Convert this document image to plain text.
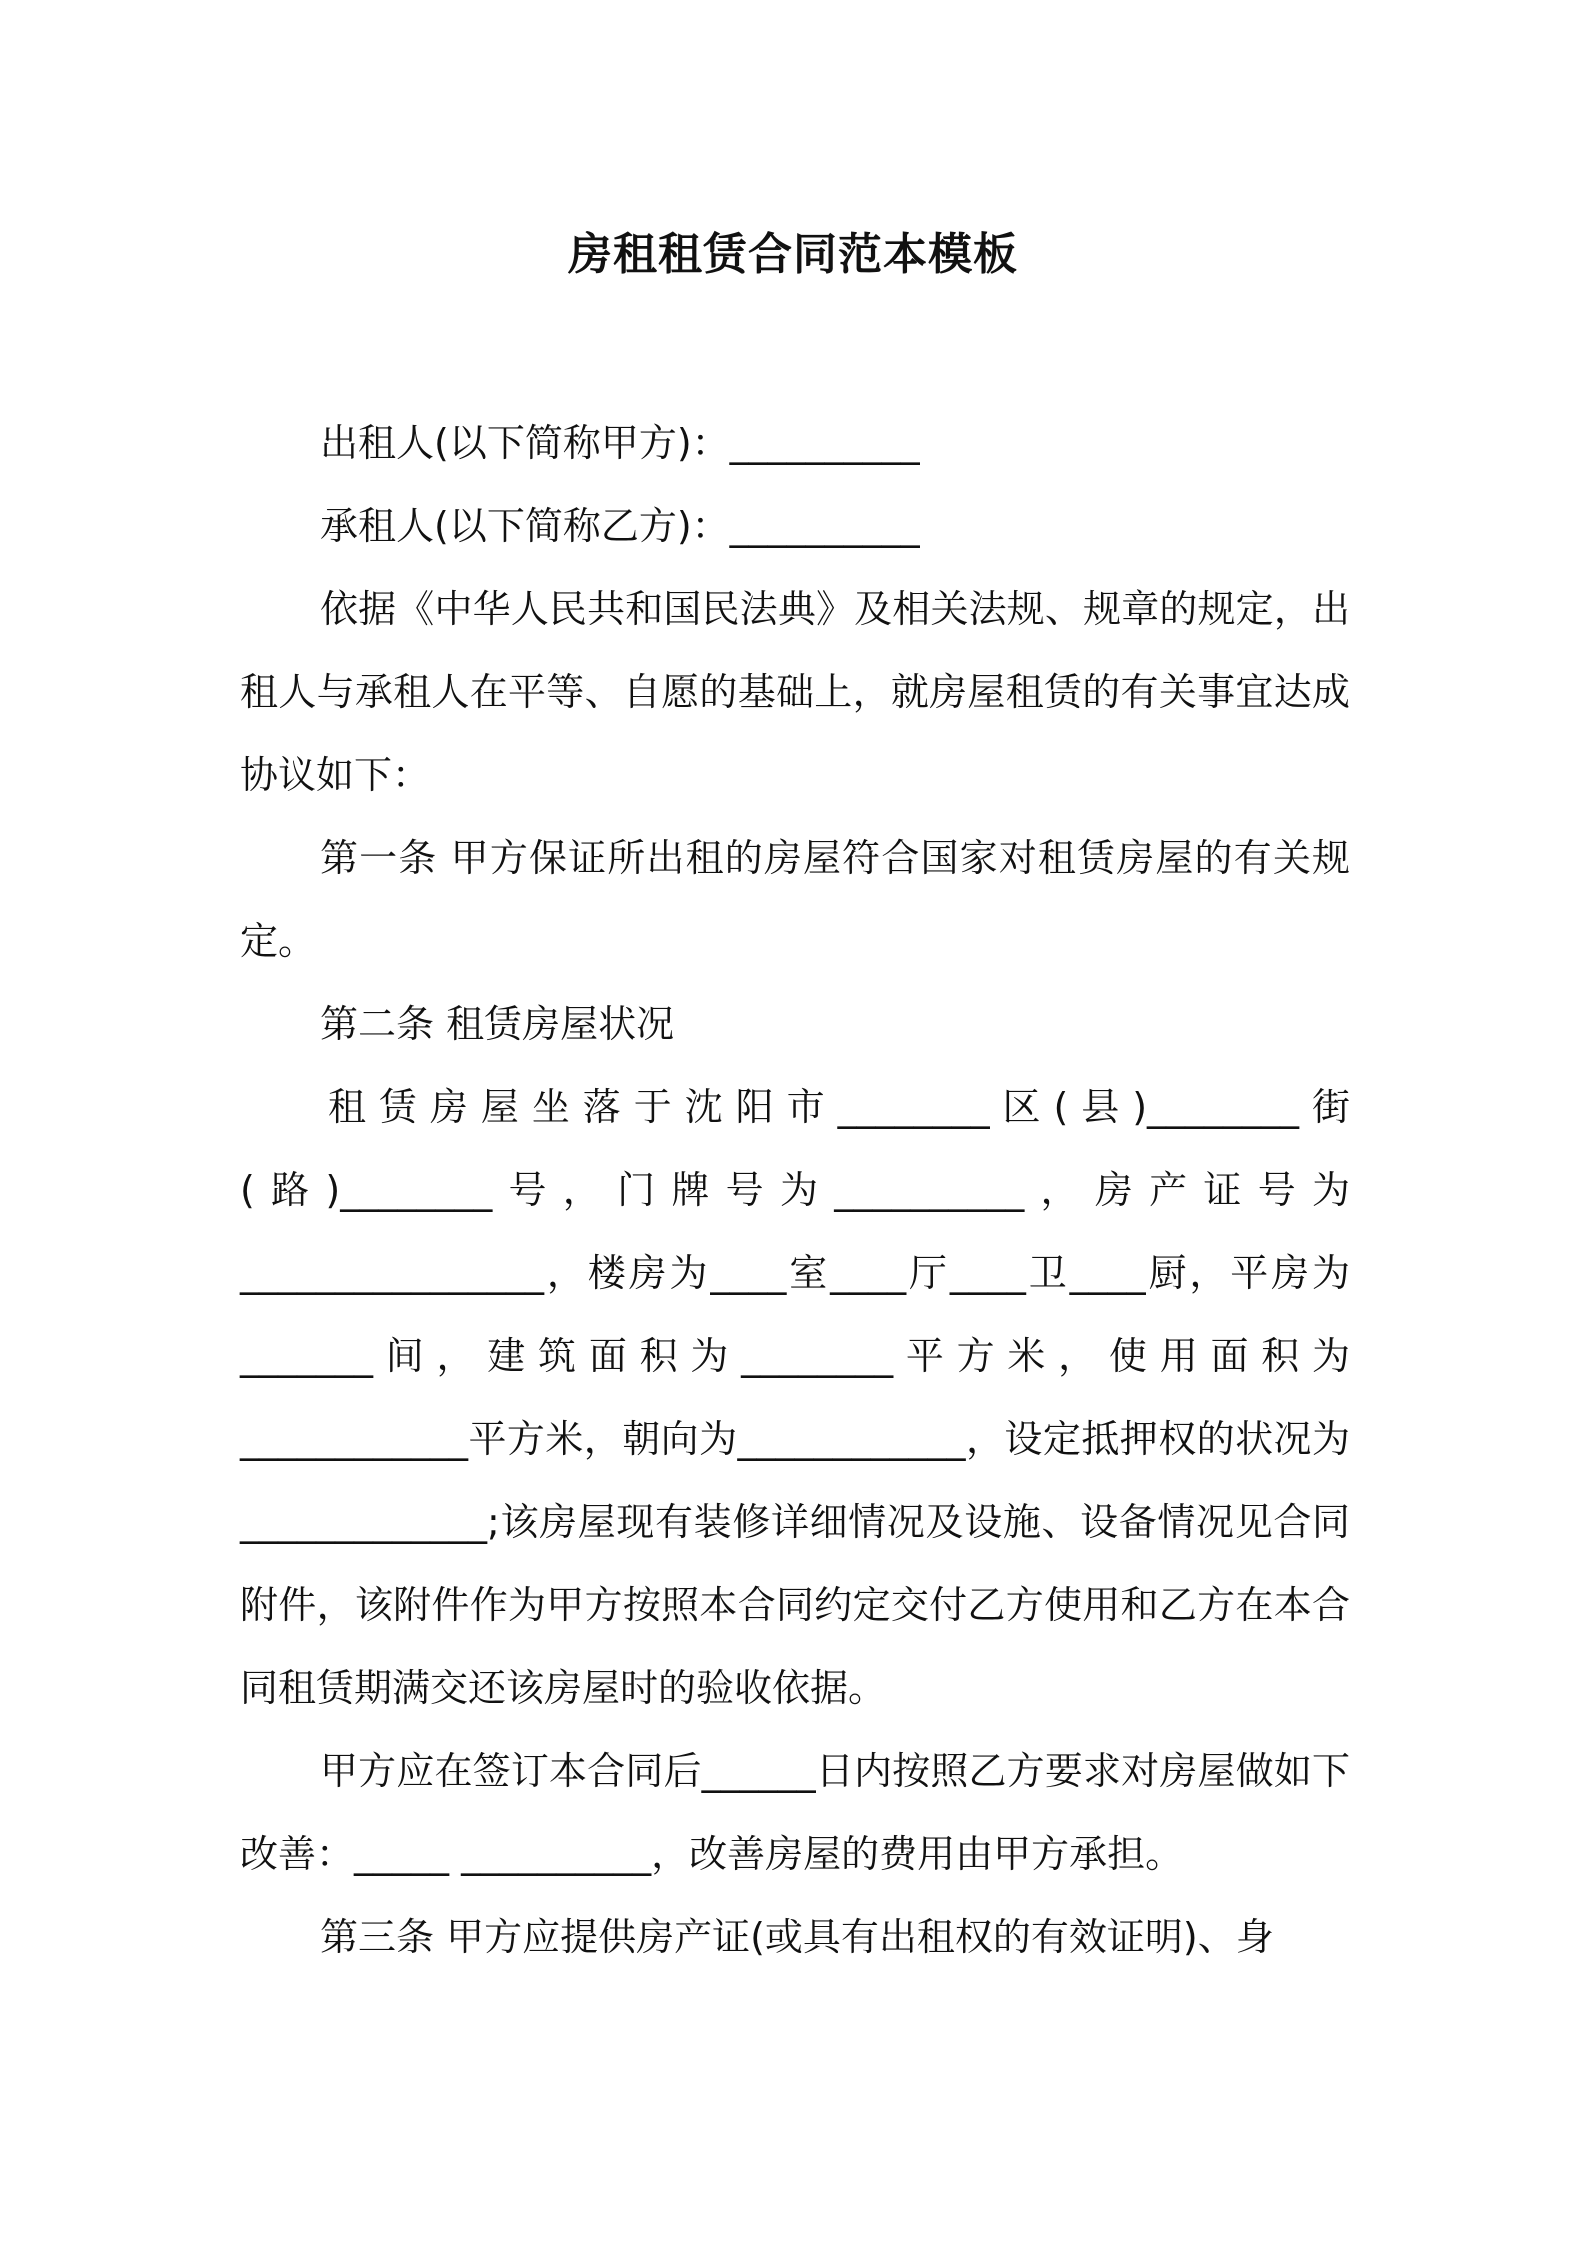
房租租赁合同范本模板

出租人(以下简称甲方)：__________

承租人(以下简称乙方)：__________

依据《中华人民共和国民法典》及相关法规、规章的规定，出租人与承租人在平等、自愿的基础上，就房屋租赁的有关事宜达成协议如下：

第一条 甲方保证所出租的房屋符合国家对租赁房屋的有关规定。

第二条 租赁房屋状况

租赁房屋坐落于沈阳市________区(县)________街(路)________号，门牌号为__________，房产证号为________________，楼房为____室____厅____卫____厨，平房为_______间，建筑面积为________平方米，使用面积为____________平方米，朝向为____________，设定抵押权的状况为_____________;该房屋现有装修详细情况及设施、设备情况见合同附件，该附件作为甲方按照本合同约定交付乙方使用和乙方在本合同租赁期满交还该房屋时的验收依据。

甲方应在签订本合同后______日内按照乙方要求对房屋做如下改善：_____ __________，改善房屋的费用由甲方承担。

第三条 甲方应提供房产证(或具有出租权的有效证明)、身
